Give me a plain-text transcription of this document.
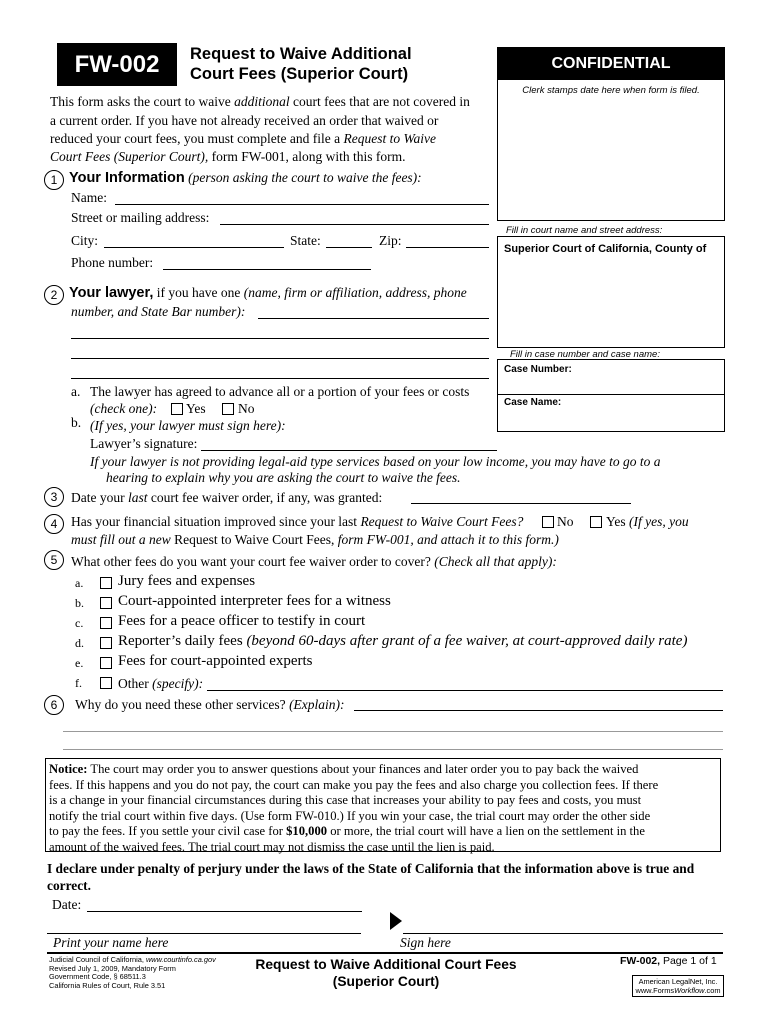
FW-002	Request to Waive Additional
Court Fees (Superior Court)
CONFIDENTIAL
Clerk stamps date here when form is filed.
Fill in court name and street address:
Superior Court of California, County of
Fill in case number and case name:
Case Number:
Case Name:
This form asks the court to waive additional court fees that are not covered in
a current order. If you have not already received an order that waived or
reduced your court fees, you must complete and file a Request to Waive
Court Fees (Superior Court), form FW-001, along with this form.
1 Your Information (person asking the court to waive the fees):
Name:
Street or mailing address:
City:	State:	Zip:
Phone number:
2 Your lawyer, if you have one (name, firm or affiliation, address, phone
number, and State Bar number):
a. The lawyer has agreed to advance all or a portion of your fees or costs
(check one): Yes No
b. (If yes, your lawyer must sign here):
Lawyer’s signature:
If your lawyer is not providing legal-aid type services based on your low income, you may have to go to a
hearing to explain why you are asking the court to waive the fees.
3	Date your last court fee waiver order, if any, was granted:
4	Has your financial situation improved since your last Request to Waive Court Fees? No Yes (If yes, you
must fill out a new Request to Waive Court Fees, form FW-001, and attach it to this form.)
5	What other fees do you want your court fee waiver order to cover? (Check all that apply):
a. Jury fees and expenses
b. Court-appointed interpreter fees for a witness
c. Fees for a peace officer to testify in court
d. Reporter’s daily fees (beyond 60-days after grant of a fee waiver, at court-approved daily rate)
e. Fees for court-appointed experts
f.	Other (specify):
6	Why do you need these other services? (Explain):
Notice: The court may order you to answer questions about your finances and later order you to pay back the waived
fees. If this happens and you do not pay, the court can make you pay the fees and also charge you collection fees. If there
is a change in your financial circumstances during this case that increases your ability to pay fees and costs, you must
notify the trial court within five days. (Use form FW-010.) If you win your case, the trial court may order the other side
to pay the fees. If you settle your civil case for $10,000 or more, the trial court will have a lien on the settlement in the
amount of the waived fees. The trial court may not dismiss the case until the lien is paid.
I declare under penalty of perjury under the laws of the State of California that the information above is true and
correct.
Date:
Print your name here	Sign here
Judicial Council of California, www.courtinfo.ca.gov
Revised July 1, 2009, Mandatory Form
Government Code, § 68511.3
California Rules of Court, Rule 3.51
Request to Waive Additional Court Fees
(Superior Court)
FW-002, Page 1 of 1
American LegalNet, Inc.
www.FormsWorkflow.com
